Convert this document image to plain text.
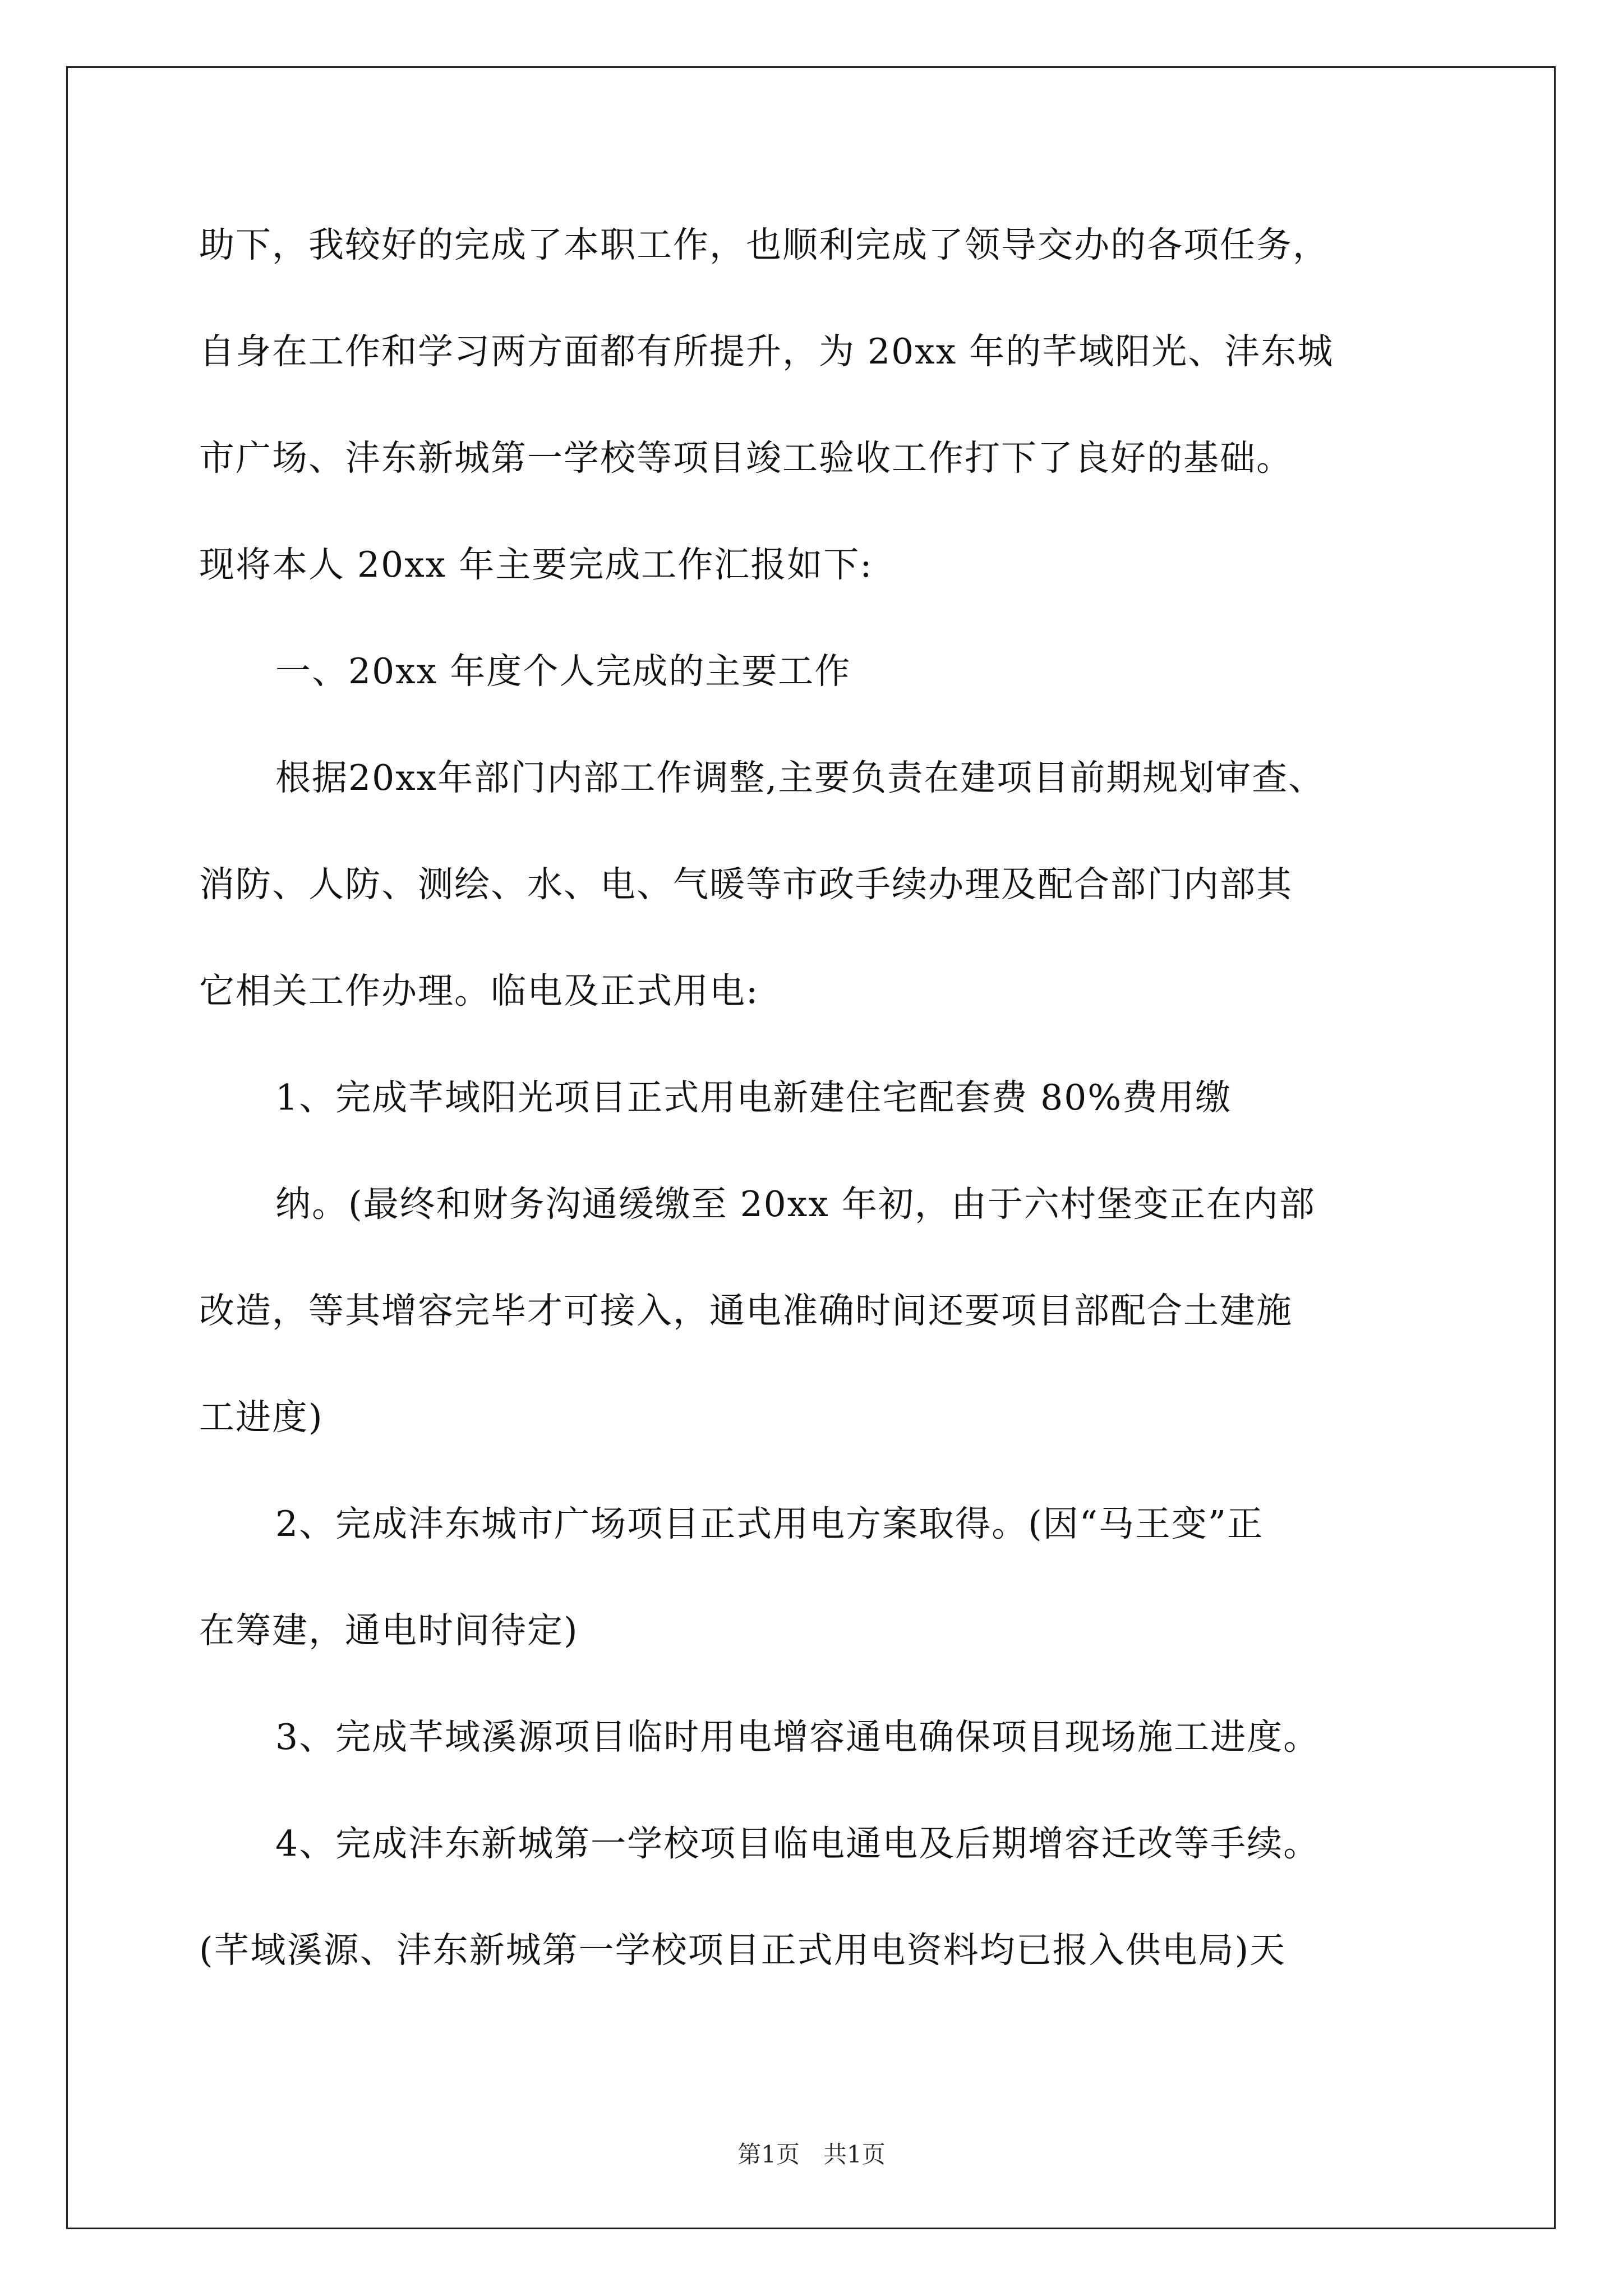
助下，我较好的完成了本职工作，也顺利完成了领导交办的各项任务，
自身在工作和学习两方面都有所提升，为 20xx 年的芊域阳光、沣东城
市广场、沣东新城第一学校等项目竣工验收工作打下了良好的基础。
现将本人 20xx 年主要完成工作汇报如下:
一、20xx 年度个人完成的主要工作
根据20xx年部门内部工作调整,主要负责在建项目前期规划审查、
消防、人防、测绘、水、电、气暖等市政手续办理及配合部门内部其
它相关工作办理。临电及正式用电:
1、完成芊域阳光项目正式用电新建住宅配套费 80%费用缴
纳。(最终和财务沟通缓缴至 20xx 年初，由于六村堡变正在内部
改造，等其增容完毕才可接入，通电准确时间还要项目部配合土建施
工进度)
2、完成沣东城市广场项目正式用电方案取得。(因“马王变”正
在筹建，通电时间待定)
3、完成芊域溪源项目临时用电增容通电确保项目现场施工进度。
4、完成沣东新城第一学校项目临电通电及后期增容迁改等手续。
(芊域溪源、沣东新城第一学校项目正式用电资料均已报入供电局)天
第1页　共1页
